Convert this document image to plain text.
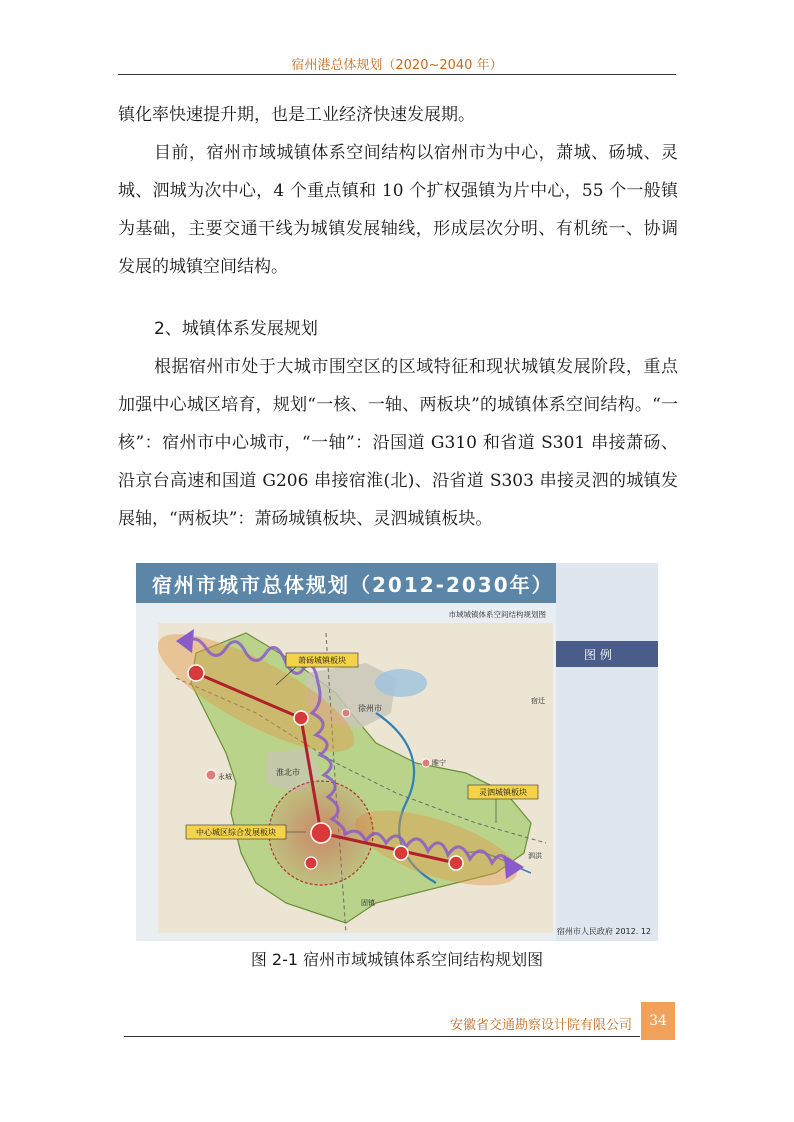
宿州港总体规划（2020~2040 年）

镇化率快速提升期，也是工业经济快速发展期。

目前，宿州市域城镇体系空间结构以宿州市为中心，萧城、砀城、灵城、泗城为次中心，4 个重点镇和 10 个扩权强镇为片中心，55 个一般镇为基础，主要交通干线为城镇发展轴线，形成层次分明、有机统一、协调发展的城镇空间结构。

2、城镇体系发展规划

根据宿州市处于大城市围空区的区域特征和现状城镇发展阶段，重点加强中心城区培育，规划“一核、一轴、两板块”的城镇体系空间结构。“一核”：宿州市中心城市，“一轴”：沿国道 G310 和省道 S301 串接萧砀、沿京台高速和国道 G206 串接宿淮(北)、沿省道 S303 串接灵泗的城镇发展轴，“两板块”：萧砀城镇板块、灵泗城镇板块。

宿州市城市总体规划（2012-2030年）
图 例
市域城镇体系空间结构规划图
萧砀城镇板块
灵泗城镇板块
中心城区综合发展板块
徐州市
淮北市
永城
睢宁
泗洪
固镇
宿迁
宿州市人民政府 2012. 12
图 2-1 宿州市域城镇体系空间结构规划图
安徽省交通勘察设计院有限公司	34
